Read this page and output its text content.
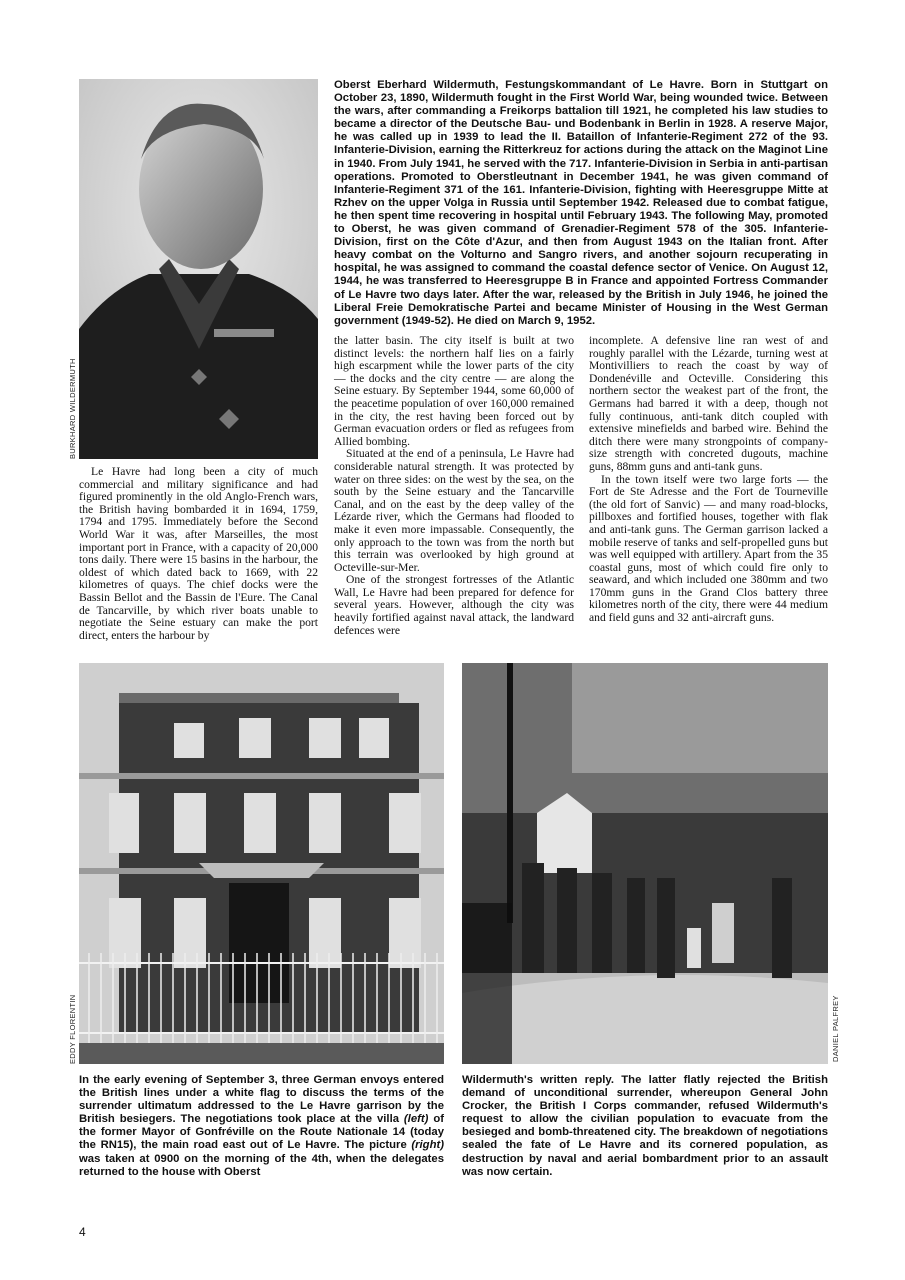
BURKHARD WILDERMUTH
Oberst Eberhard Wildermuth, Festungskommandant of Le Havre. Born in Stuttgart on October 23, 1890, Wildermuth fought in the First World War, being wounded twice. Between the wars, after commanding a Freikorps battalion till 1921, he completed his law studies to became a director of the Deutsche Bau- und Bodenbank in Berlin in 1928. A reserve Major, he was called up in 1939 to lead the II. Bataillon of Infanterie-Regiment 272 of the 93. Infanterie-Division, earning the Ritterkreuz for actions during the attack on the Maginot Line in 1940. From July 1941, he served with the 717. Infanterie-Division in Serbia in anti-partisan operations. Promoted to Oberstleutnant in December 1941, he was given command of Infanterie-Regiment 371 of the 161. Infanterie-Division, fighting with Heeresgruppe Mitte at Rzhev on the upper Volga in Russia until September 1942. Released due to combat fatigue, he then spent time recovering in hospital until February 1943. The following May, promoted to Oberst, he was given command of Grenadier-Regiment 578 of the 305. Infanterie-Division, first on the Côte d'Azur, and then from August 1943 on the Italian front. After heavy combat on the Volturno and Sangro rivers, and another sojourn recuperating in hospital, he was assigned to command the coastal defence sector of Venice. On August 12, 1944, he was transferred to Heeresgruppe B in France and appointed Fortress Commander of Le Havre two days later. After the war, released by the British in July 1946, he joined the Liberal Freie Demokratische Partei and became Minister of Housing in the West German government (1949-52). He died on March 9, 1952.

Le Havre had long been a city of much commercial and military significance and had figured prominently in the old Anglo-French wars, the British having bombarded it in 1694, 1759, 1794 and 1795. Immediately before the Second World War it was, after Marseilles, the most important port in France, with a capacity of 20,000 tons daily. There were 15 basins in the harbour, the oldest of which dated back to 1669, with 22 kilometres of quays. The chief docks were the Bassin Bellot and the Bassin de l'Eure. The Canal de Tancarville, by which river boats unable to negotiate the Seine estuary can make the port direct, enters the harbour by

the latter basin. The city itself is built at two distinct levels: the northern half lies on a fairly high escarpment while the lower parts of the city — the docks and the city centre — are along the Seine estuary. By September 1944, some 60,000 of the peacetime population of over 160,000 remained in the city, the rest having been forced out by German evacuation orders or fled as refugees from Allied bombing.

Situated at the end of a peninsula, Le Havre had considerable natural strength. It was protected by water on three sides: on the west by the sea, on the south by the Seine estuary and the Tancarville Canal, and on the east by the deep valley of the Lézarde river, which the Germans had flooded to make it even more impassable. Consequently, the only approach to the town was from the north but this terrain was overlooked by high ground at Octeville-sur-Mer.

One of the strongest fortresses of the Atlantic Wall, Le Havre had been prepared for defence for several years. However, although the city was heavily fortified against naval attack, the landward defences were

incomplete. A defensive line ran west of and roughly parallel with the Lézarde, turning west at Montivilliers to reach the coast by way of Dondenéville and Octeville. Considering this northern sector the weakest part of the front, the Germans had barred it with a deep, though not fully continuous, anti-tank ditch coupled with extensive minefields and barbed wire. Behind the ditch there were many strongpoints of company-size strength with concreted dugouts, machine guns, 88mm guns and anti-tank guns.

In the town itself were two large forts — the Fort de Ste Adresse and the Fort de Tourneville (the old fort of Sanvic) — and many road-blocks, pillboxes and fortified houses, together with flak and anti-tank guns. The German garrison lacked a mobile reserve of tanks and self-propelled guns but was well equipped with artillery. Apart from the 35 coastal guns, most of which could fire only to seaward, and which included one 380mm and two 170mm guns in the Grand Clos battery three kilometres north of the city, there were 44 medium and field guns and 32 anti-aircraft guns.

EDDY FLORENTIN	DANIEL PALFREY
In the early evening of September 3, three German envoys entered the British lines under a white flag to discuss the terms of the surrender ultimatum addressed to the Le Havre garrison by the British besiegers. The negotiations took place at the villa (left) of the former Mayor of Gonfréville on the Route Nationale 14 (today the RN15), the main road east out of Le Havre. The picture (right) was taken at 0900 on the morning of the 4th, when the delegates returned to the house with Oberst
Wildermuth's written reply. The latter flatly rejected the British demand of unconditional surrender, whereupon General John Crocker, the British I Corps commander, refused Wildermuth's request to allow the civilian population to evacuate from the besieged and bomb-threatened city. The breakdown of negotiations sealed the fate of Le Havre and its cornered population, as destruction by naval and aerial bombardment prior to an assault was now certain.
4
